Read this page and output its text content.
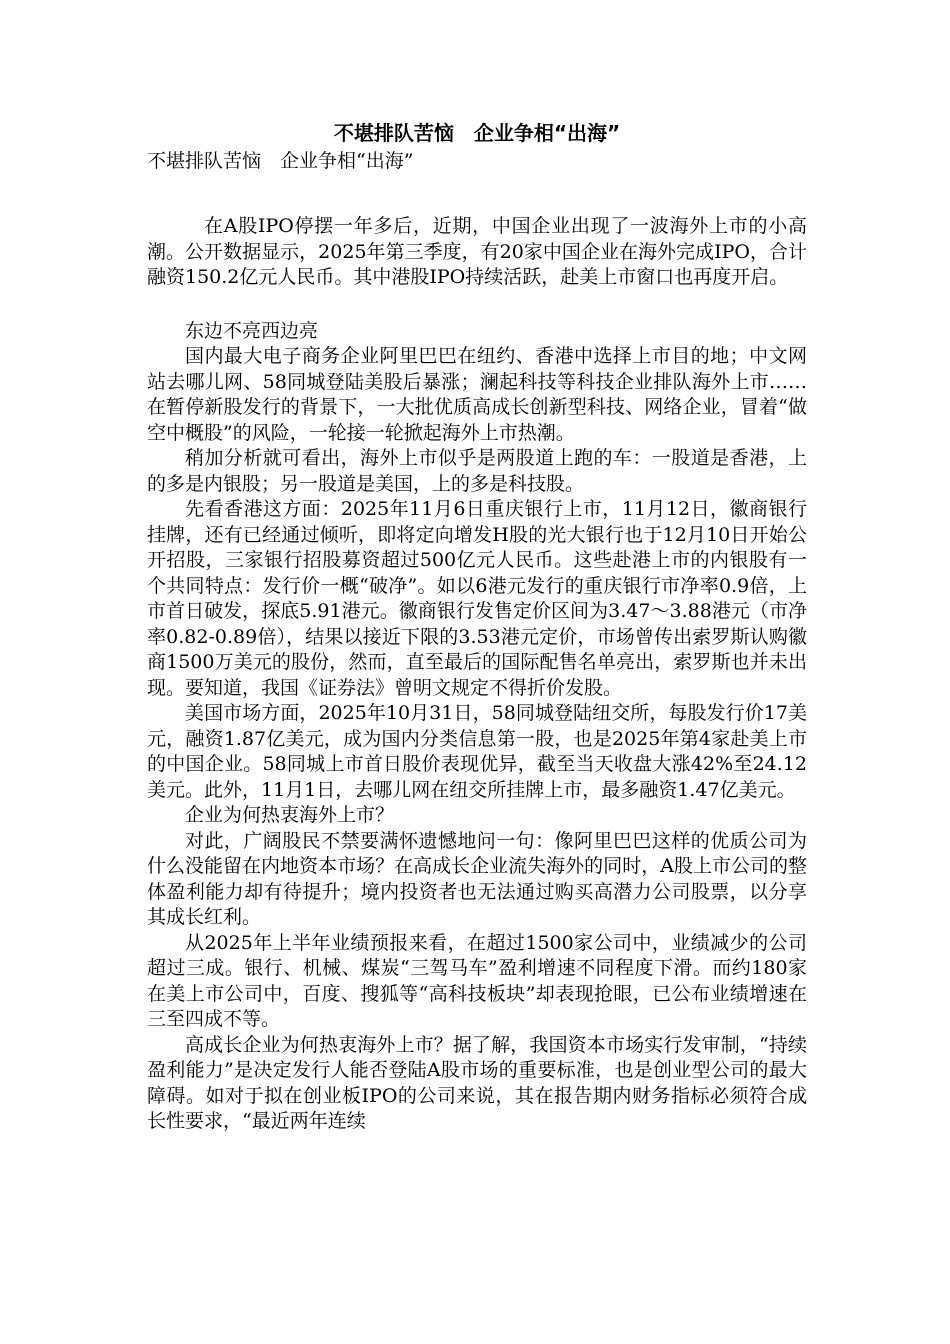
不堪排队苦恼　企业争相“出海”
不堪排队苦恼　企业争相“出海”

在A股IPO停摆一年多后，近期，中国企业出现了一波海外上市的小高潮。公开数据显示，2025年第三季度，有20家中国企业在海外完成IPO，合计融资150.2亿元人民币。其中港股IPO持续活跃，赴美上市窗口也再度开启。

东边不亮西边亮

国内最大电子商务企业阿里巴巴在纽约、香港中选择上市目的地；中文网站去哪儿网、58同城登陆美股后暴涨；澜起科技等科技企业排队海外上市……在暂停新股发行的背景下，一大批优质高成长创新型科技、网络企业，冒着“做空中概股”的风险，一轮接一轮掀起海外上市热潮。

稍加分析就可看出，海外上市似乎是两股道上跑的车：一股道是香港，上的多是内银股；另一股道是美国，上的多是科技股。

先看香港这方面：2025年11月6日重庆银行上市，11月12日，徽商银行挂牌，还有已经通过倾听，即将定向增发H股的光大银行也于12月10日开始公开招股，三家银行招股募资超过500亿元人民币。这些赴港上市的内银股有一个共同特点：发行价一概“破净”。如以6港元发行的重庆银行市净率0.9倍，上市首日破发，探底5.91港元。徽商银行发售定价区间为3.47～3.88港元（市净率0.82-0.89倍），结果以接近下限的3.53港元定价，市场曾传出索罗斯认购徽商1500万美元的股份，然而，直至最后的国际配售名单亮出，索罗斯也并未出现。要知道，我国《证券法》曾明文规定不得折价发股。

美国市场方面，2025年10月31日，58同城登陆纽交所，每股发行价17美元，融资1.87亿美元，成为国内分类信息第一股，也是2025年第4家赴美上市的中国企业。58同城上市首日股价表现优异，截至当天收盘大涨42%至24.12美元。此外，11月1日，去哪儿网在纽交所挂牌上市，最多融资1.47亿美元。

企业为何热衷海外上市？

对此，广阔股民不禁要满怀遗憾地问一句：像阿里巴巴这样的优质公司为什么没能留在内地资本市场？在高成长企业流失海外的同时，A股上市公司的整体盈利能力却有待提升；境内投资者也无法通过购买高潜力公司股票，以分享其成长红利。

从2025年上半年业绩预报来看，在超过1500家公司中，业绩减少的公司超过三成。银行、机械、煤炭“三驾马车”盈利增速不同程度下滑。而约180家在美上市公司中，百度、搜狐等“高科技板块”却表现抢眼，已公布业绩增速在三至四成不等。

高成长企业为何热衷海外上市？据了解，我国资本市场实行发审制，“持续盈利能力”是决定发行人能否登陆A股市场的重要标准，也是创业型公司的最大障碍。如对于拟在创业板IPO的公司来说，其在报告期内财务指标必须符合成长性要求，“最近两年连续
